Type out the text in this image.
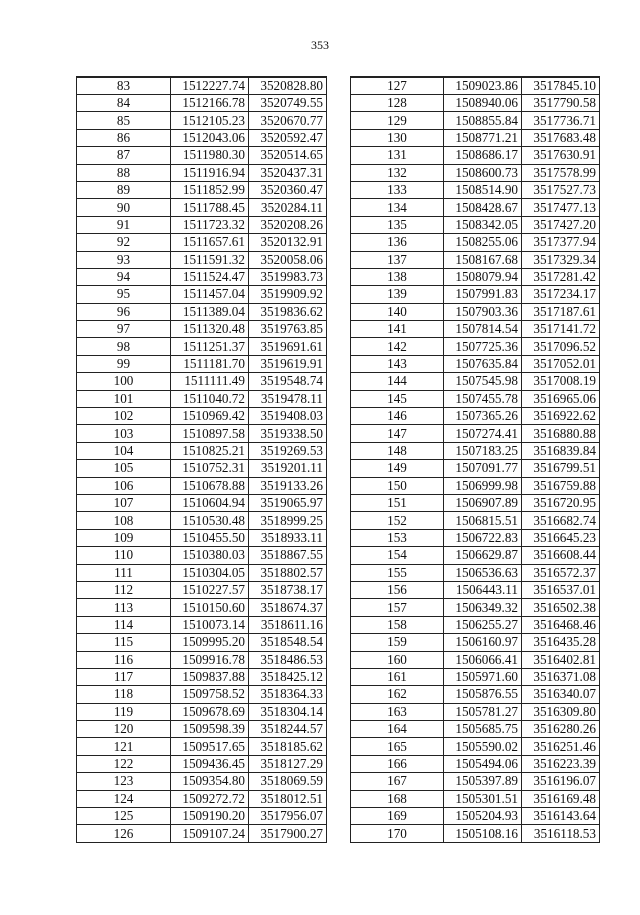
353
83	1512227.74	3520828.80
84	1512166.78	3520749.55
85	1512105.23	3520670.77
86	1512043.06	3520592.47
87	1511980.30	3520514.65
88	1511916.94	3520437.31
89	1511852.99	3520360.47
90	1511788.45	3520284.11
91	1511723.32	3520208.26
92	1511657.61	3520132.91
93	1511591.32	3520058.06
94	1511524.47	3519983.73
95	1511457.04	3519909.92
96	1511389.04	3519836.62
97	1511320.48	3519763.85
98	1511251.37	3519691.61
99	1511181.70	3519619.91
100	1511111.49	3519548.74
101	1511040.72	3519478.11
102	1510969.42	3519408.03
103	1510897.58	3519338.50
104	1510825.21	3519269.53
105	1510752.31	3519201.11
106	1510678.88	3519133.26
107	1510604.94	3519065.97
108	1510530.48	3518999.25
109	1510455.50	3518933.11
110	1510380.03	3518867.55
111	1510304.05	3518802.57
112	1510227.57	3518738.17
113	1510150.60	3518674.37
114	1510073.14	3518611.16
115	1509995.20	3518548.54
116	1509916.78	3518486.53
117	1509837.88	3518425.12
118	1509758.52	3518364.33
119	1509678.69	3518304.14
120	1509598.39	3518244.57
121	1509517.65	3518185.62
122	1509436.45	3518127.29
123	1509354.80	3518069.59
124	1509272.72	3518012.51
125	1509190.20	3517956.07
126	1509107.24	3517900.27
127	1509023.86	3517845.10
128	1508940.06	3517790.58
129	1508855.84	3517736.71
130	1508771.21	3517683.48
131	1508686.17	3517630.91
132	1508600.73	3517578.99
133	1508514.90	3517527.73
134	1508428.67	3517477.13
135	1508342.05	3517427.20
136	1508255.06	3517377.94
137	1508167.68	3517329.34
138	1508079.94	3517281.42
139	1507991.83	3517234.17
140	1507903.36	3517187.61
141	1507814.54	3517141.72
142	1507725.36	3517096.52
143	1507635.84	3517052.01
144	1507545.98	3517008.19
145	1507455.78	3516965.06
146	1507365.26	3516922.62
147	1507274.41	3516880.88
148	1507183.25	3516839.84
149	1507091.77	3516799.51
150	1506999.98	3516759.88
151	1506907.89	3516720.95
152	1506815.51	3516682.74
153	1506722.83	3516645.23
154	1506629.87	3516608.44
155	1506536.63	3516572.37
156	1506443.11	3516537.01
157	1506349.32	3516502.38
158	1506255.27	3516468.46
159	1506160.97	3516435.28
160	1506066.41	3516402.81
161	1505971.60	3516371.08
162	1505876.55	3516340.07
163	1505781.27	3516309.80
164	1505685.75	3516280.26
165	1505590.02	3516251.46
166	1505494.06	3516223.39
167	1505397.89	3516196.07
168	1505301.51	3516169.48
169	1505204.93	3516143.64
170	1505108.16	3516118.53
